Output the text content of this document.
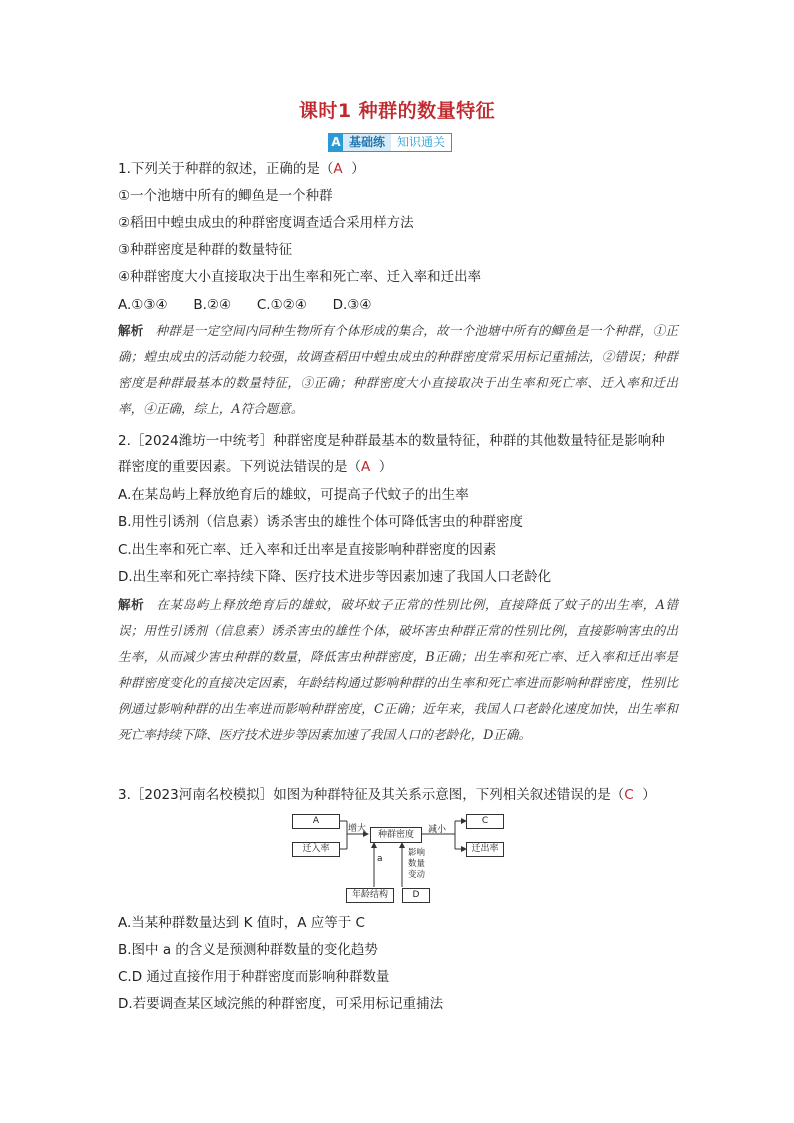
课时1 种群的数量特征
A 基础练	知识通关
1.下列关于种群的叙述，正确的是（A ）
①一个池塘中所有的鲫鱼是一个种群
②稻田中蝗虫成虫的种群密度调查适合采用样方法
③种群密度是种群的数量特征
④种群密度大小直接取决于出生率和死亡率、迁入率和迁出率
A.①③④      B.②④      C.①②④      D.③④
解析 种群是一定空间内同种生物所有个体形成的集合，故一个池塘中所有的鲫鱼是一个种群，①正确；蝗虫成虫的活动能力较强，故调查稻田中蝗虫成虫的种群密度常采用标记重捕法，②错误；种群密度是种群最基本的数量特征，③正确；种群密度大小直接取决于出生率和死亡率、迁入率和迁出率，④正确，综上，A符合题意。
2.［2024潍坊一中统考］种群密度是种群最基本的数量特征，种群的其他数量特征是影响种
群密度的重要因素。下列说法错误的是（A ）
A.在某岛屿上释放绝育后的雄蚊，可提高子代蚊子的出生率
B.用性引诱剂（信息素）诱杀害虫的雄性个体可降低害虫的种群密度
C.出生率和死亡率、迁入率和迁出率是直接影响种群密度的因素
D.出生率和死亡率持续下降、医疗技术进步等因素加速了我国人口老龄化
解析 在某岛屿上释放绝育后的雄蚊，破坏蚊子正常的性别比例，直接降低了蚊子的出生率，A错误；用性引诱剂（信息素）诱杀害虫的雄性个体，破坏害虫种群正常的性别比例，直接影响害虫的出生率，从而减少害虫种群的数量，降低害虫种群密度，B正确；出生率和死亡率、迁入率和迁出率是种群密度变化的直接决定因素，年龄结构通过影响种群的出生率和死亡率进而影响种群密度，性别比例通过影响种群的出生率进而影响种群密度，C正确；近年来，我国人口老龄化速度加快，出生率和死亡率持续下降、医疗技术进步等因素加速了我国人口的老龄化，D正确。
3.［2023河南名校模拟］如图为种群特征及其关系示意图，下列相关叙述错误的是（C ）
A
迁入率
种群密度
C
迁出率
年龄结构	D
增大	减小
a
影响
数量
变动
A.当某种群数量达到 K 值时，A 应等于 C
B.图中 a 的含义是预测种群数量的变化趋势
C.D 通过直接作用于种群密度而影响种群数量
D.若要调查某区域浣熊的种群密度，可采用标记重捕法
